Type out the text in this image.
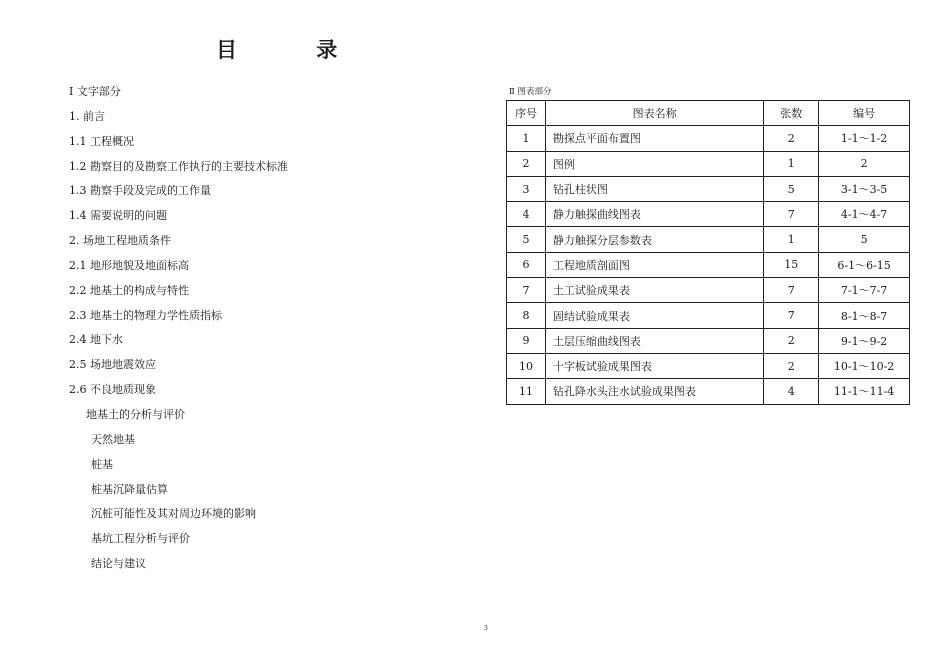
目 录
Ⅰ 文字部分
1. 前言
1.1 工程概况
1.2 勘察目的及勘察工作执行的主要技术标准
1.3 勘察手段及完成的工作量
1.4 需要说明的问题
2. 场地工程地质条件
2.1 地形地貌及地面标高
2.2 地基土的构成与特性
2.3 地基土的物理力学性质指标
2.4 地下水
2.5 场地地震效应
2.6 不良地质现象
地基土的分析与评价
天然地基
桩基
桩基沉降量估算
沉桩可能性及其对周边环境的影响
基坑工程分析与评价
结论与建议
Ⅱ 图表部分
序号	图表名称	张数	编号
1	勘探点平面布置图	2	1-1～1-2
2	图例	1	2
3	钻孔柱状图	5	3-1～3-5
4	静力触探曲线图表	7	4-1～4-7
5	静力触探分层参数表	1	5
6	工程地质剖面图	15	6-1～6-15
7	土工试验成果表	7	7-1～7-7
8	固结试验成果表	7	8-1～8-7
9	土层压缩曲线图表	2	9-1～9-2
10	十字板试验成果图表	2	10-1～10-2
11	钻孔降水头注水试验成果图表	4	11-1～11-4
3
